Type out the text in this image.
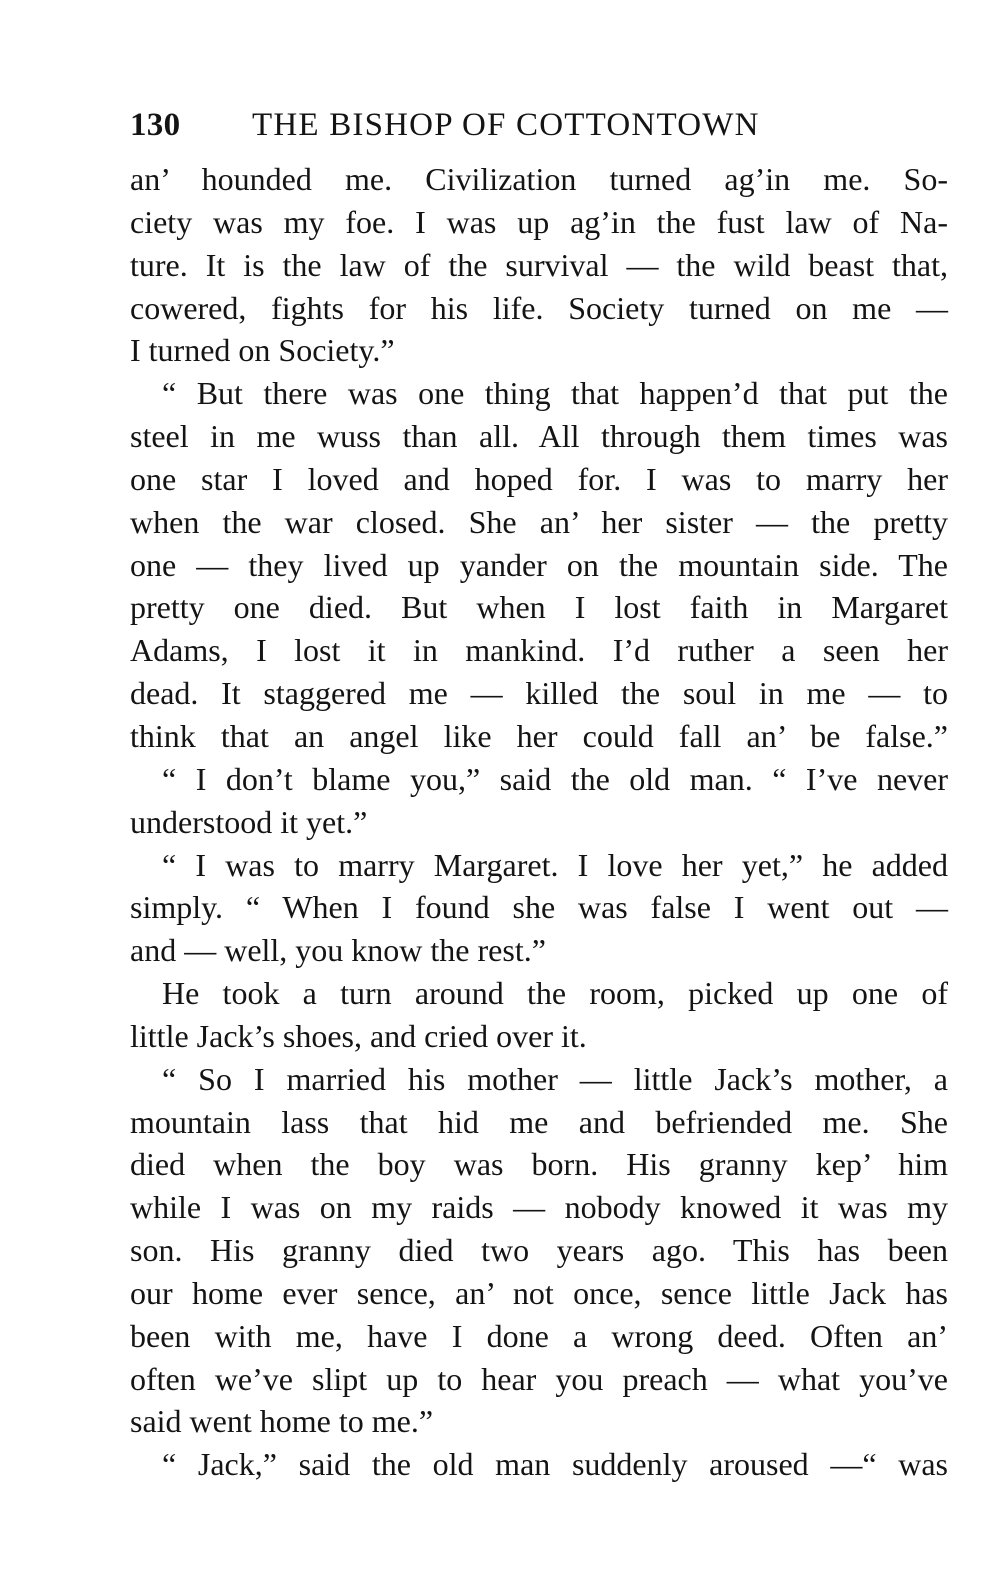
130 THE BISHOP OF COTTONTOWN

an’ hounded me. Civilization turned ag’in me. So-

ciety was my foe. I was up ag’in the fust law of Na-

ture. It is the law of the survival — the wild beast that,

cowered, fights for his life. Society turned on me —

I turned on Society.”

“ But there was one thing that happen’d that put the

steel in me wuss than all. All through them times was

one star I loved and hoped for. I was to marry her

when the war closed. She an’ her sister — the pretty

one — they lived up yander on the mountain side. The

pretty one died. But when I lost faith in Margaret

Adams, I lost it in mankind. I’d ruther a seen her

dead. It staggered me — killed the soul in me — to

think that an angel like her could fall an’ be false.”

“ I don’t blame you,” said the old man. “ I’ve never

understood it yet.”

“ I was to marry Margaret. I love her yet,” he added

simply. “ When I found she was false I went out —

and — well, you know the rest.”

He took a turn around the room, picked up one of

little Jack’s shoes, and cried over it.

“ So I married his mother — little Jack’s mother, a

mountain lass that hid me and befriended me. She

died when the boy was born. His granny kep’ him

while I was on my raids — nobody knowed it was my

son. His granny died two years ago. This has been

our home ever sence, an’ not once, sence little Jack has

been with me, have I done a wrong deed. Often an’

often we’ve slipt up to hear you preach — what you’ve

said went home to me.”

“ Jack,” said the old man suddenly aroused —“ was
